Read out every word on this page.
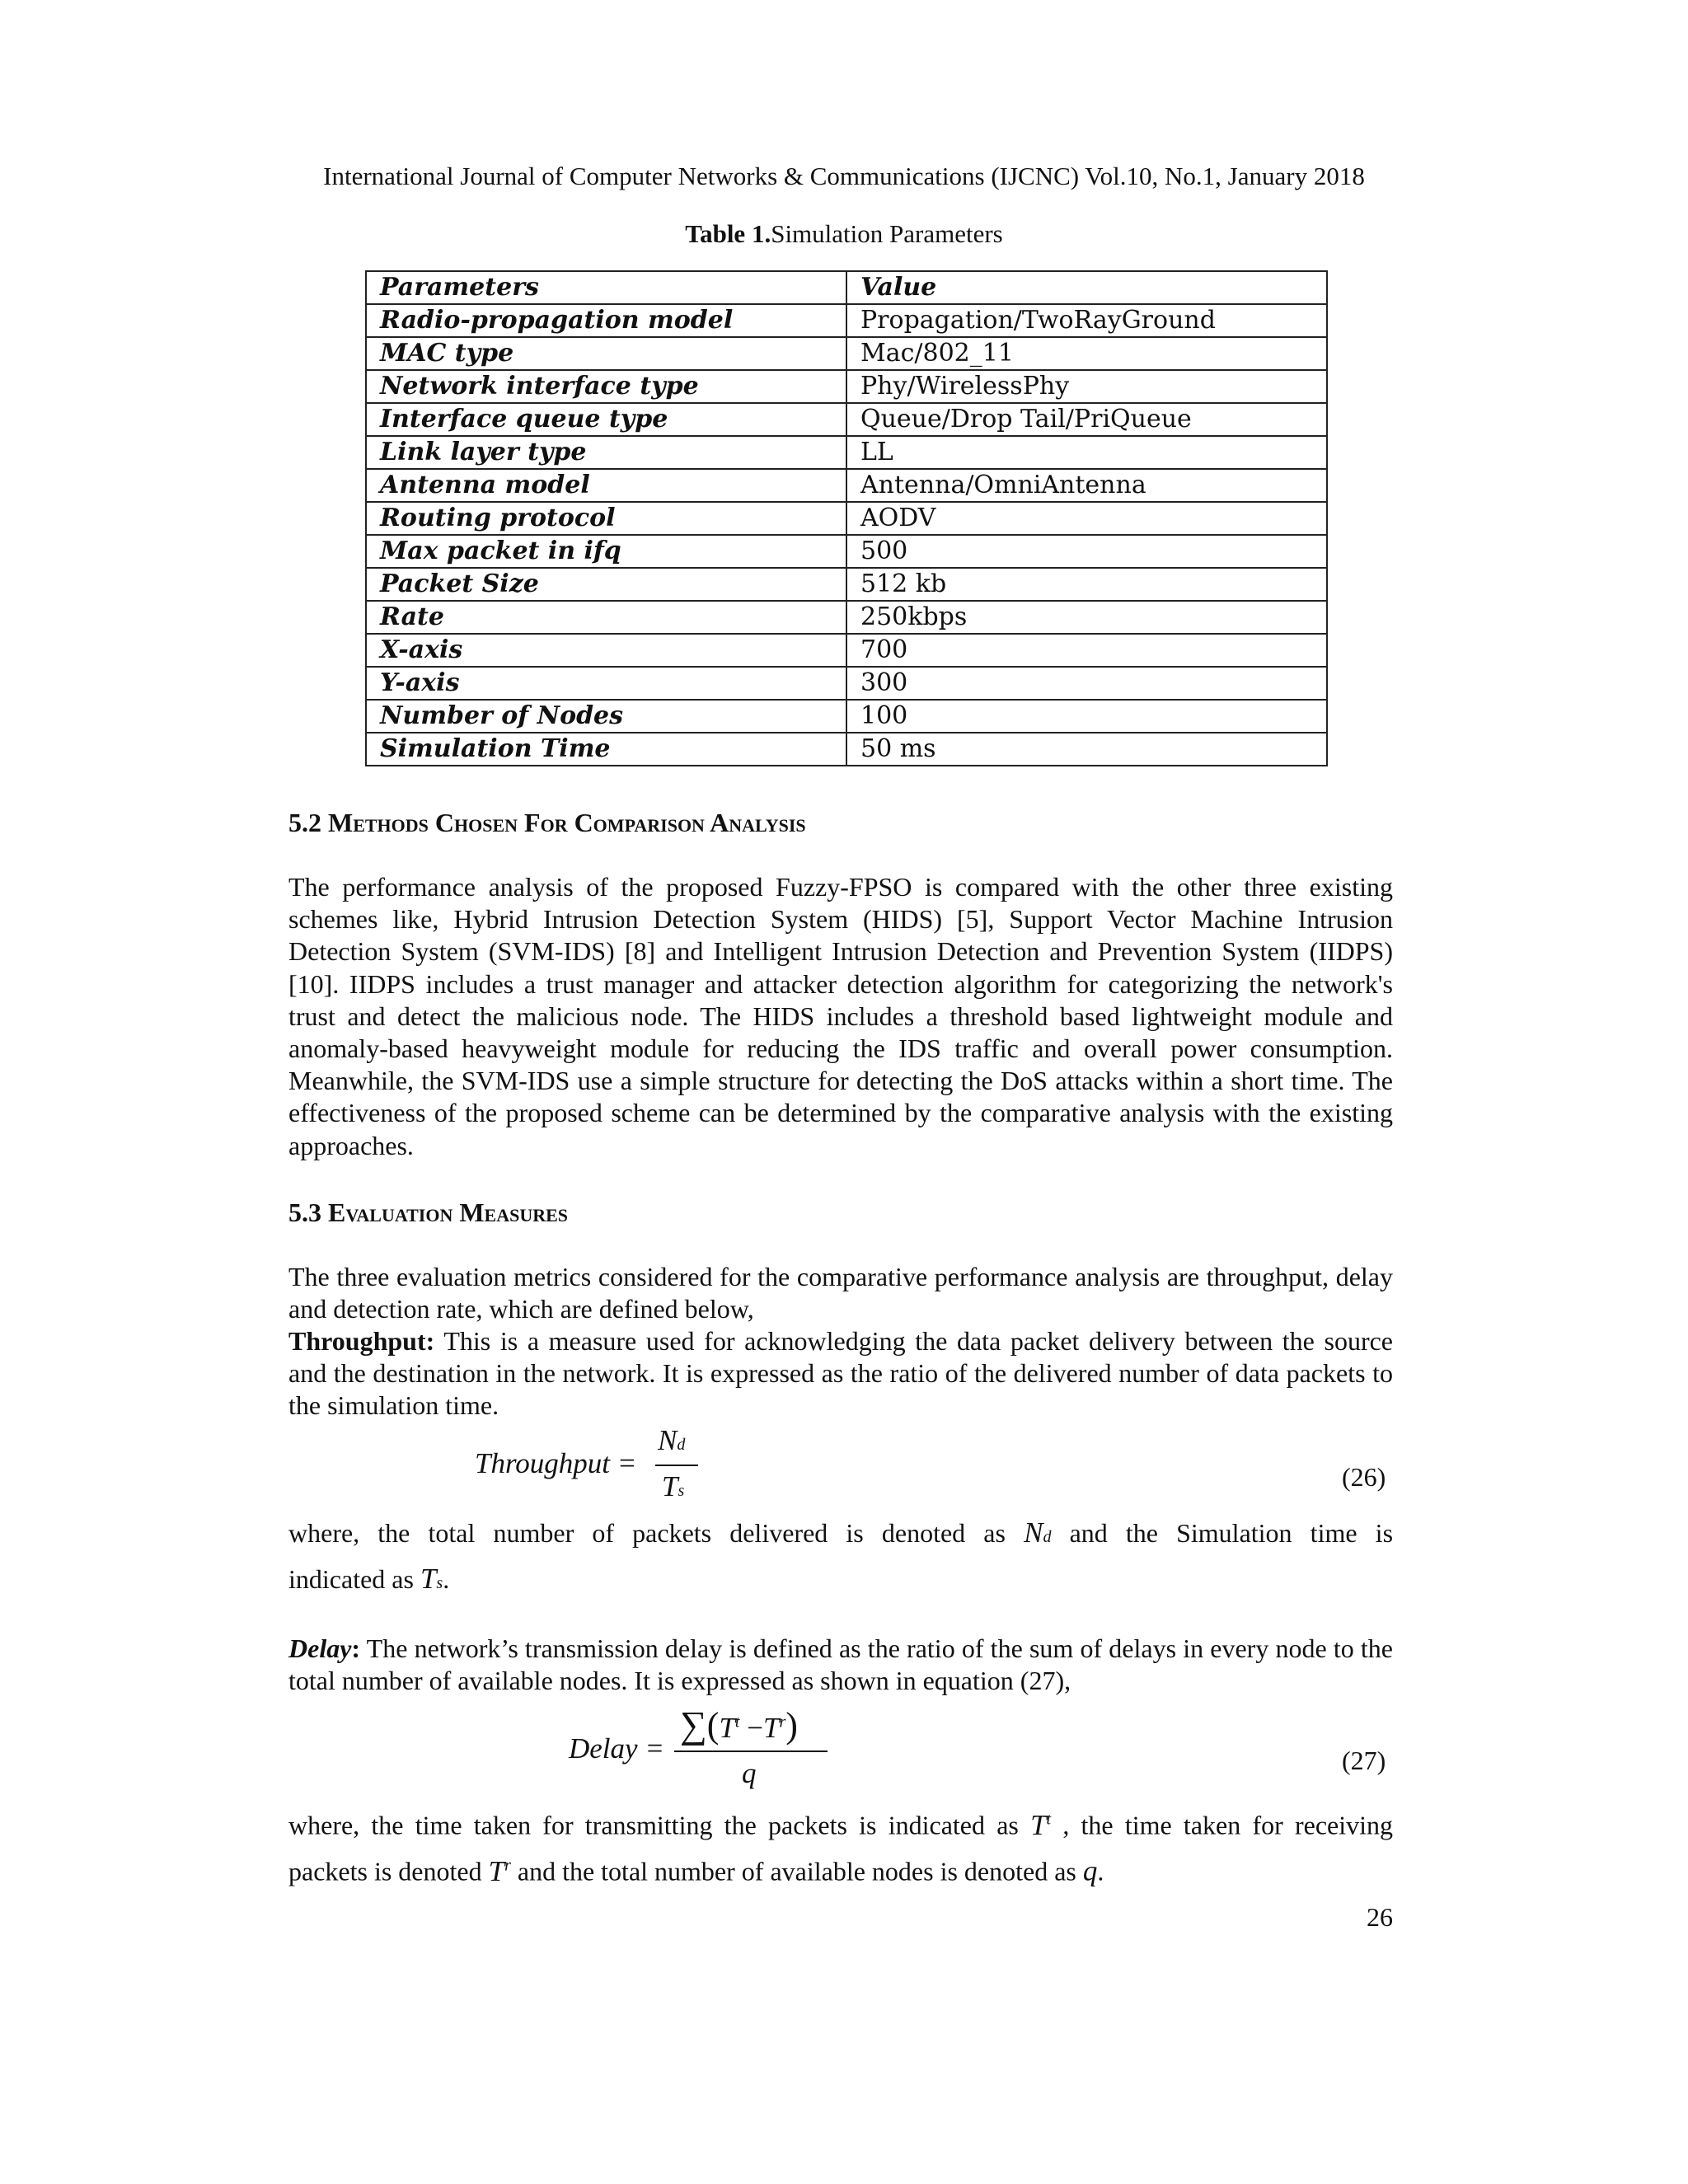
International Journal of Computer Networks & Communications (IJCNC) Vol.10, No.1, January 2018
Table 1.Simulation Parameters
Parameters	Value
Radio-propagation model	Propagation/TwoRayGround
MAC type	Mac/802_11
Network interface type	Phy/WirelessPhy
Interface queue type	Queue/Drop Tail/PriQueue
Link layer type	LL
Antenna model	Antenna/OmniAntenna
Routing protocol	AODV
Max packet in ifq	500
Packet Size	512 kb
Rate	250kbps
X-axis	700
Y-axis	300
Number of Nodes	100
Simulation Time	50 ms
5.2 Methods Chosen For Comparison Analysis
The performance analysis of the proposed Fuzzy-FPSO is compared with the other three existing schemes like, Hybrid Intrusion Detection System (HIDS) [5], Support Vector Machine Intrusion Detection System (SVM-IDS) [8] and Intelligent Intrusion Detection and Prevention System (IIDPS) [10]. IIDPS includes a trust manager and attacker detection algorithm for categorizing the network's trust and detect the malicious node. The HIDS includes a threshold based lightweight module and anomaly-based heavyweight module for reducing the IDS traffic and overall power consumption. Meanwhile, the SVM-IDS use a simple structure for detecting the DoS attacks within a short time. The effectiveness of the proposed scheme can be determined by the comparative analysis with the existing approaches.
5.3 Evaluation Measures
The three evaluation metrics considered for the comparative performance analysis are throughput, delay and detection rate, which are defined below,
Throughput: This is a measure used for acknowledging the data packet delivery between the source and the destination in the network. It is expressed as the ratio of the delivered number of data packets to the simulation time.
Throughput =
Nd
Ts	(26)
where, the total number of packets delivered is denoted as Nd and the Simulation time is
indicated as Ts.
Delay: The network’s transmission delay is defined as the ratio of the sum of delays in every node to the total number of available nodes. It is expressed as shown in equation (27),
Delay =
$\sum(T^t -T^r)$
q	(27)
where, the time taken for transmitting the packets is indicated as $T^t$ , the time taken for receiving
packets is denoted $T^r$ and the total number of available nodes is denoted as q.
26
